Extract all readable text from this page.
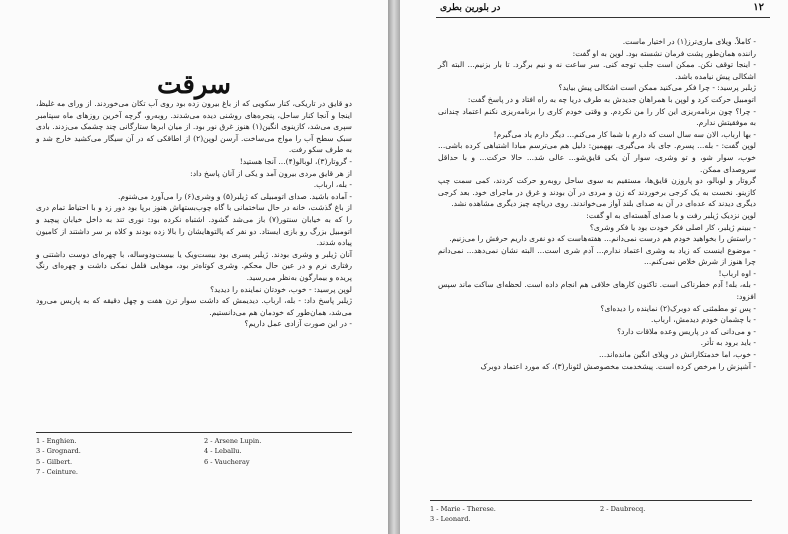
سرقت

دو قایق در تاریکی، کنار سکویی که از باغ بیرون زده بود روی آب تکان می‌خوردند. از ورای مه غلیظ، اینجا و آنجا کنار ساحل، پنجره‌های روشنی دیده می‌شدند. روبه‌رو، گرچه آخرین روزهای ماه سپتامبر سپری می‌شد، کازینوی انگین(۱) هنوز غرق نور بود. از میان ابرها ستارگانی چند چشمک می‌زدند. بادی سبک سطح آب را مواج می‌ساخت. آرسن لوپن(۲) از اطاقکی که در آن سیگار می‌کشید خارج شد و به طرف سکو رفت.

- گروتار(۳)، لوبالو(۴)... آنجا هستید!

از هر قایق مردی بیرون آمد و یکی از آنان پاسخ داد:

- بله، ارباب.

- آماده باشید. صدای اتومبیلی که ژیلبر(۵) و وشری(۶) را می‌آورد می‌شنوم.

از باغ گذشت، خانه در حال ساختمانی با گاه چوب‌بستهاش هنوز برپا بود دور زد و با احتیاط تمام دری را که به خیابان سنتور(۷) باز می‌شد گشود. اشتباه نکرده بود: نوری تند به داخل خیابان پیچید و اتومبیل بزرگ رو بازی ایستاد. دو نفر که پالتوهایشان را بالا زده بودند و کلاه بر سر داشتند از کامیون پیاده شدند.

آنان ژیلبر و وشری بودند. ژیلبر پسری بود بیست‌ویک یا بیست‌ودوساله، با چهره‌ای دوست داشتنی و رفتاری نرم و در عین حال محکم. وشری کوتاه‌تر بود، موهایی فلفل نمکی داشت و چهره‌ای رنگ پریده و بیمارگون به‌نظر می‌رسید.

لوپن پرسید: - خوب، خودتان نماینده را دیدید؟

ژیلبر پاسخ داد: - بله، ارباب. دیدیمش که داشت سوار ترن هفت و چهل دقیقه که به پاریس می‌رود می‌شد، همان‌طور که خودمان هم می‌دانستیم.

- در این صورت آزادی عمل داریم؟

1 - Enghien.
3 - Grognard.
5 - Gilbert.
7 - Ceinture.
2 - Arsene Lupin.
4 - Leballu.
6 - Vaucheray
در بلورین بطری	۱۲

- کاملاً. ویلای ماری‌ترز(۱) در اختیار ماست.

راننده همان‌طور پشت فرمان نشسته بود. لوپن به او گفت:

- اینجا توقف نکن. ممکن است جلب توجه کنی. سر ساعت نه و نیم برگرد. تا بار بزنیم... البته اگر اشکالی پیش نیامده باشد.

ژیلبر پرسید: - چرا فکر می‌کنید ممکن است اشکالی پیش بیاید؟

اتومبیل حرکت کرد و لوپن با همراهان جدیدش به طرف دریا چه به راه افتاد و در پاسخ گفت:

- چرا؟ چون برنامه‌ریزی این کار را من نکردم. و وقتی خودم کاری را برنامه‌ریزی نکنم اعتماد چندانی به موفقیتش ندارم.

- بها ارباب، الان سه سال است که دارم با شما کار می‌کنم... دیگر دارم یاد می‌گیرم!

لوپن گفت: - بله... پسرم. جای یاد می‌گیری. بههمین: دلیل هم می‌ترسم مبادا اشتباهی کرده باشی... خوب، سوار شو، و تو وشری، سوار آن یکی قایق‌شو... عالی شد... حالا حرکت... و با حداقل سروصدای ممکن.

گروتار و لوبالو، دو پاروزن قایق‌ها، مستقیم به سوی ساحل روبه‌رو حرکت کردند، کمی سمت چپ کازینو. نخست به یک کرجی برخوردند که زن و مردی در آن بودند و غرق در ماجرای خود. بعد کرجی دیگری دیدند که عده‌ای در آن به صدای بلند آواز می‌خواندند. روی دریاچه چیز دیگری مشاهده نشد.

لوپن نزدیک ژیلبر رفت و با صدای آهسته‌ای به او گفت:

- ببینم ژیلبر، کار اصلی فکر خودت بود یا فکر وشری؟

- راستش را بخواهید خودم هم درست نمی‌دانم... هفته‌هاست که دو نفری داریم حرفش را می‌زنیم.

- موضوع اینست که زیاد به وشری اعتماد ندارم... آدم شری است... البته نشان نمی‌دهد... نمی‌دانم چرا هنوز از شرش خلاص نمی‌کنم...

- اوه ارباب!

- بله، بله! آدم خطرناکی است. تاکنون کارهای خلافی هم انجام داده است. لحظه‌ای ساکت ماند سپس افزود:

- پس تو مطمئنی که دوبرک(۲) نماینده را دیده‌ای؟

- با چشمان خودم دیدمش، ارباب.

- و می‌دانی که در پاریس وعده ملاقات دارد؟

- باید برود به تأتر.

- خوب، اما خدمتکارانش در ویلای انگین مانده‌اند...

- آشپزش را مرخص کرده است. پیشخدمت مخصوصش لئونار(۳)، که مورد اعتماد دوبرک

1 - Marie - Therese.
3 - Leonard.
2 - Daubrecq.
